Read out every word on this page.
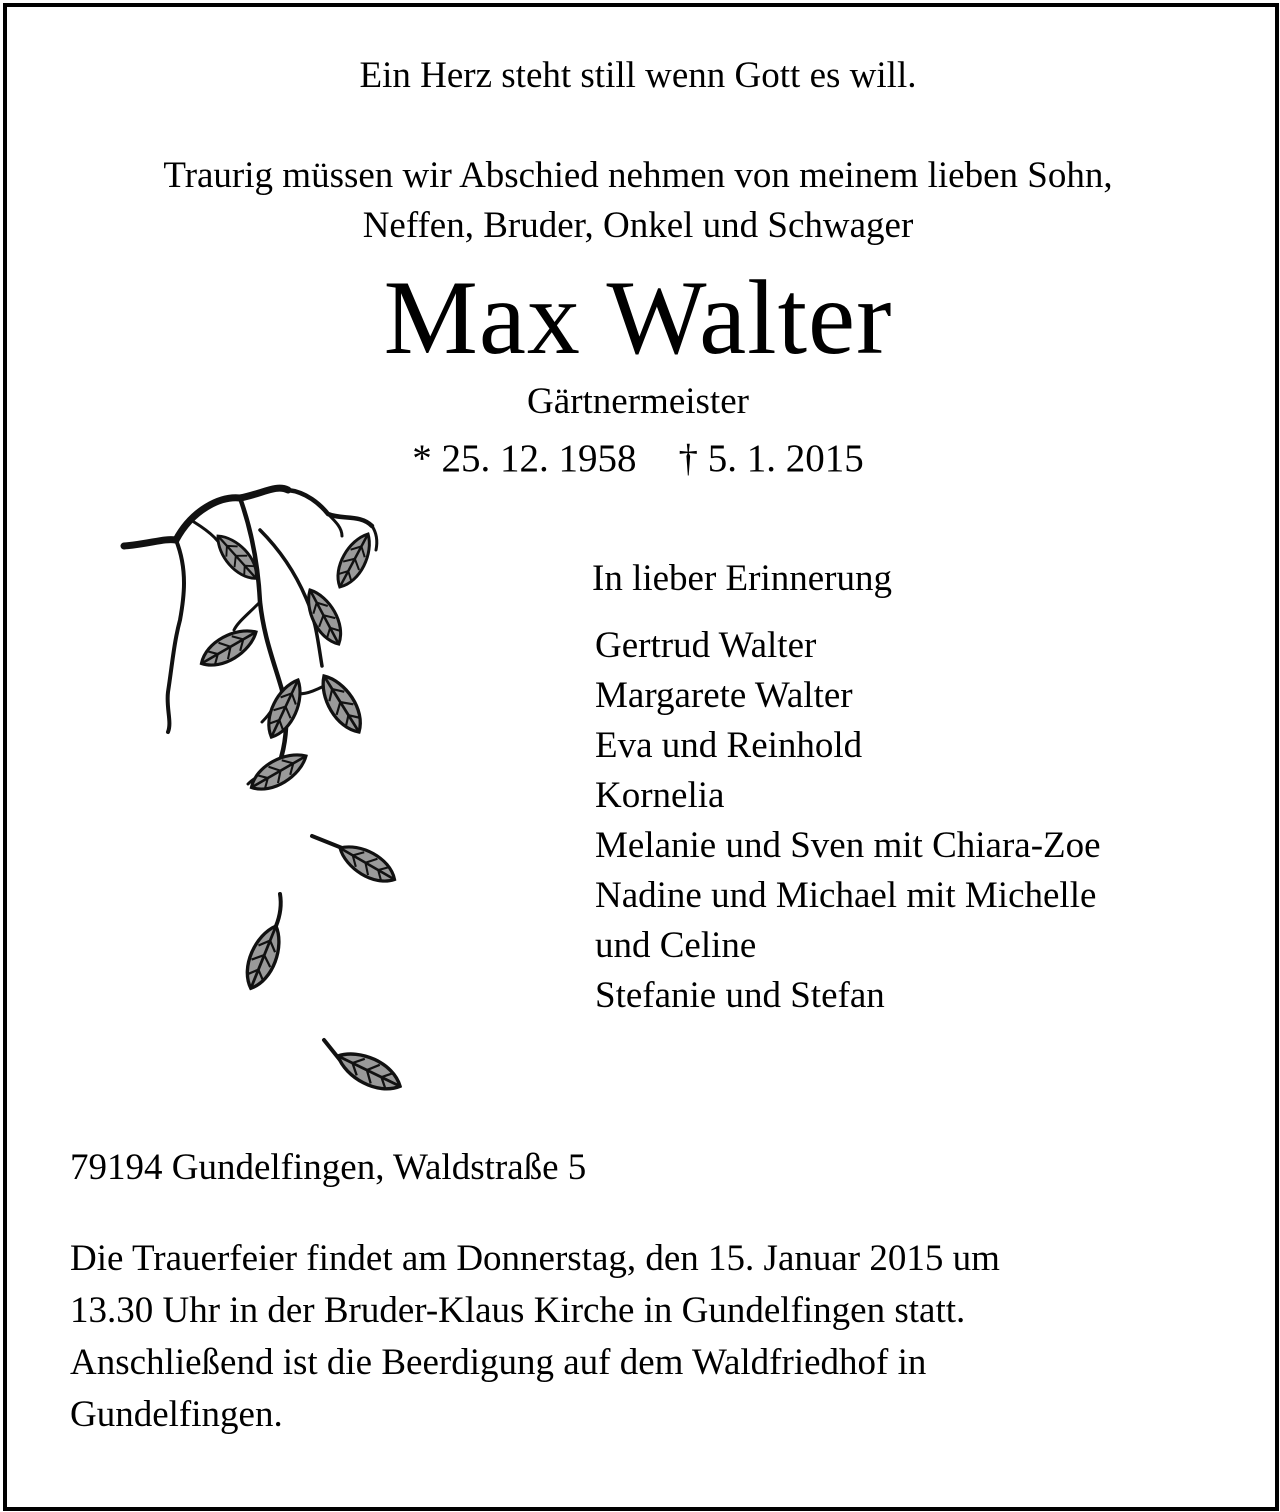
Ein Herz steht still wenn Gott es will.
Traurig müssen wir Abschied nehmen von meinem lieben Sohn,
Neffen, Bruder, Onkel und Schwager
Max Walter
Gärtnermeister
* 25. 12. 1958 † 5. 1. 2015
In lieber Erinnerung
Gertrud Walter
Margarete Walter
Eva und Reinhold
Kornelia
Melanie und Sven mit Chiara-Zoe
Nadine und Michael mit Michelle
und Celine
Stefanie und Stefan
79194 Gundelfingen, Waldstraße 5
Die Trauerfeier findet am Donnerstag, den 15. Januar 2015 um
13.30 Uhr in der Bruder-Klaus Kirche in Gundelfingen statt.
Anschließend ist die Beerdigung auf dem Waldfriedhof in
Gundelfingen.
